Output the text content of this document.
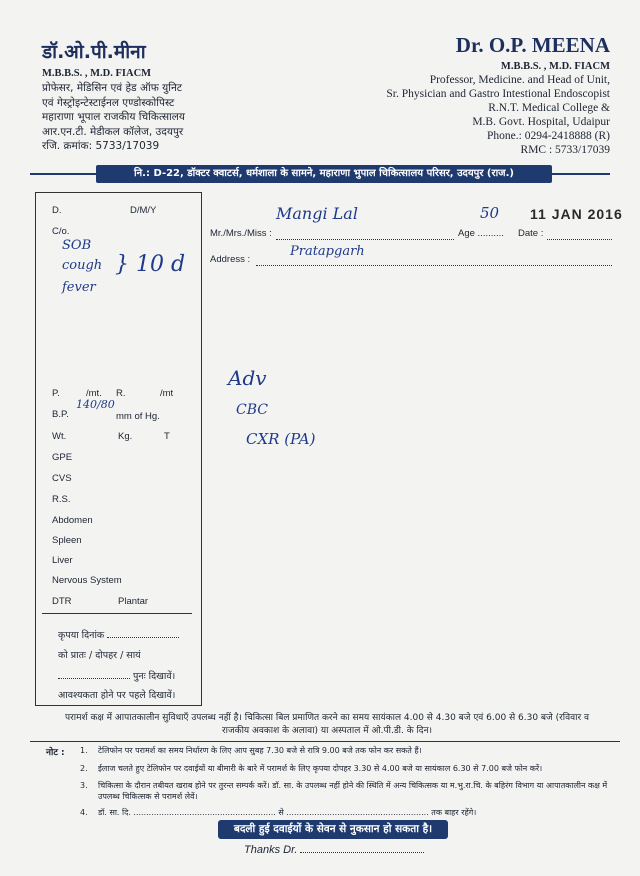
डॉ.ओ.पी.मीना
M.B.B.S. , M.D. FIACM
प्रोफेसर, मेडिसिन एवं हेड ऑफ युनिट
एवं गेस्ट्रोइन्टेस्टाईनल एण्डोस्कोपिस्ट
महाराणा भूपाल राजकीय चिकित्सालय
आर.एन.टी. मेडीकल कॉलेज, उदयपुर
रजि. क्रमांक: 5733/17039
Dr. O.P. MEENA
M.B.B.S. , M.D. FIACM
Professor, Medicine. and Head of Unit,
Sr. Physician and Gastro Intestional Endoscopist
R.N.T. Medical College &
M.B. Govt. Hospital, Udaipur
Phone.: 0294-2418888 (R)
RMC : 5733/17039
नि.: D-22, डॉक्टर क्वाटर्स, धर्मशाला के सामने, महाराणा भुपाल चिकित्सालय परिसर, उदयपुर (राज.)
D.	D/M/Y
C/o.
SOB
cough
fever
} 10 d
P.	/mt. R.	/mt
B.P.
140/80
mm of Hg.
Wt.	Kg.	T
GPE
CVS
R.S.
Abdomen
Spleen
Liver
Nervous System
DTR	Plantar
कृपया दिनांक
को प्रातः / दोपहर / सायं
पुनः दिखावें।
आवश्यकता होने पर पहले दिखावें।
Mr./Mrs./Miss :
Mangi Lal
Age ..........
50
Date :
11 JAN 2016
Address :
Pratapgarh
Adv
CBC
CXR (PA)
परामर्श कक्ष में आपातकालीन सुविधाएँ उपलब्ध नहीं है। चिकित्सा बिल प्रमाणित करने का समय सायंकाल 4.00 से 4.30 बजे एवं 6.00 से 6.30 बजे (रविवार व राजकीय अवकाश के अलावा) या अस्पताल में ओ.पी.डी. के दिन।
नोट : 1. टेलिफोन पर परामर्श का समय निर्धारण के लिए आप सुबह 7.30 बजे से रात्रि 9.00 बजे तक फोन कर सकते हैं।
2. ईलाज चलते हुए टेलिफोन पर दवाईयों या बीमारी के बारे में परामर्श के लिए कृपया दोपहर 3.30 से 4.00 बजे या सायंकाल 6.30 से 7.00 बजे फोन करें।
3.	चिकित्सा के दौरान तबीयत खराब होने पर तुरन्त सम्पर्क करें। डॉ. सा. के उपलब्ध नहीं होने की स्थिति में अन्य चिकित्सक या म.भु.रा.चि. के बहिरंग विभाग या आपातकालीन कक्ष में उपलब्ध चिकित्सक से परामर्श लेवें।
4. डॉ. सा. दि. ........................................................ से ........................................................ तक बाहर रहेंगे।
बदली हुई दवाईयों के सेवन से नुकसान हो सकता है।
Thanks Dr.
